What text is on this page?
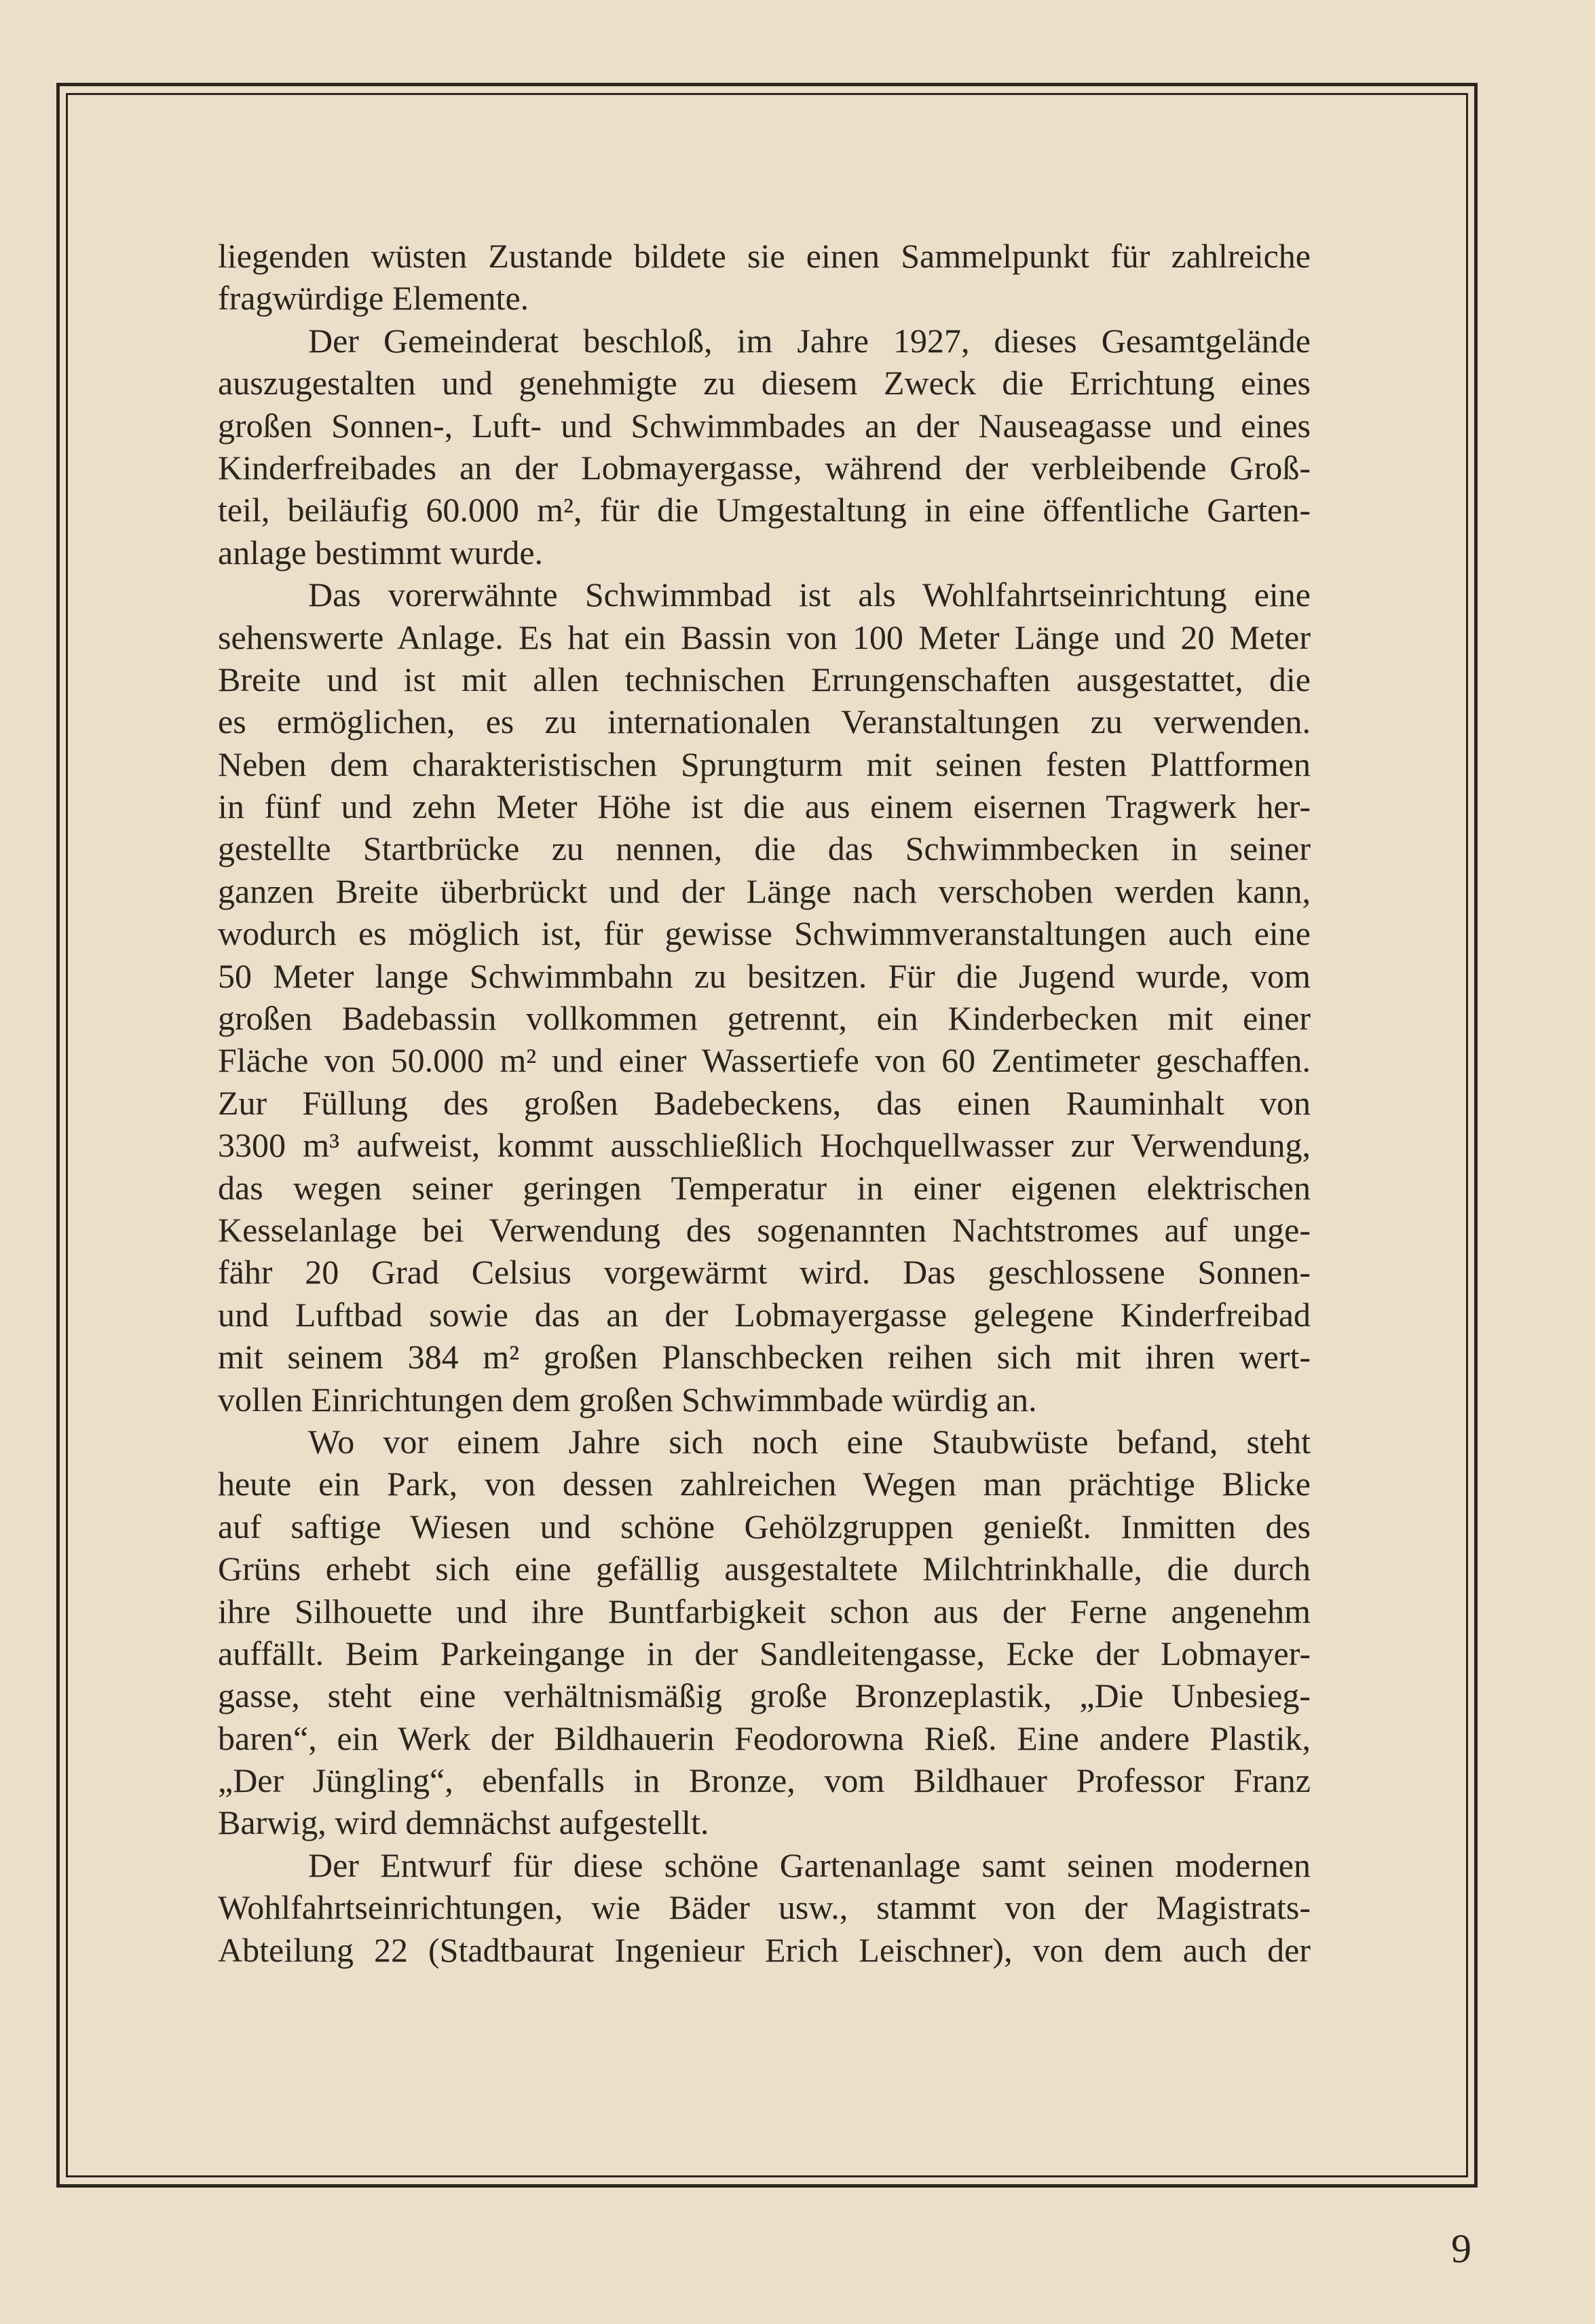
liegenden wüsten Zustande bildete sie einen Sammelpunkt für zahlreiche
fragwürdige Elemente.
Der Gemeinderat beschloß, im Jahre 1927, dieses Gesamtgelände
auszugestalten und genehmigte zu diesem Zweck die Errichtung eines
großen Sonnen-, Luft- und Schwimmbades an der Nauseagasse und eines
Kinderfreibades an der Lobmayergasse, während der verbleibende Groß-
teil, beiläufig 60.000 m², für die Umgestaltung in eine öffentliche Garten-
anlage bestimmt wurde.
Das vorerwähnte Schwimmbad ist als Wohlfahrtseinrichtung eine
sehenswerte Anlage. Es hat ein Bassin von 100 Meter Länge und 20 Meter
Breite und ist mit allen technischen Errungenschaften ausgestattet, die
es ermöglichen, es zu internationalen Veranstaltungen zu verwenden.
Neben dem charakteristischen Sprungturm mit seinen festen Plattformen
in fünf und zehn Meter Höhe ist die aus einem eisernen Tragwerk her-
gestellte Startbrücke zu nennen, die das Schwimmbecken in seiner
ganzen Breite überbrückt und der Länge nach verschoben werden kann,
wodurch es möglich ist, für gewisse Schwimmveranstaltungen auch eine
50 Meter lange Schwimmbahn zu besitzen. Für die Jugend wurde, vom
großen Badebassin vollkommen getrennt, ein Kinderbecken mit einer
Fläche von 50.000 m² und einer Wassertiefe von 60 Zentimeter geschaffen.
Zur Füllung des großen Badebeckens, das einen Rauminhalt von
3300 m³ aufweist, kommt ausschließlich Hochquellwasser zur Verwendung,
das wegen seiner geringen Temperatur in einer eigenen elektrischen
Kesselanlage bei Verwendung des sogenannten Nachtstromes auf unge-
fähr 20 Grad Celsius vorgewärmt wird. Das geschlossene Sonnen-
und Luftbad sowie das an der Lobmayergasse gelegene Kinderfreibad
mit seinem 384 m² großen Planschbecken reihen sich mit ihren wert-
vollen Einrichtungen dem großen Schwimmbade würdig an.
Wo vor einem Jahre sich noch eine Staubwüste befand, steht
heute ein Park, von dessen zahlreichen Wegen man prächtige Blicke
auf saftige Wiesen und schöne Gehölzgruppen genießt. Inmitten des
Grüns erhebt sich eine gefällig ausgestaltete Milchtrinkhalle, die durch
ihre Silhouette und ihre Buntfarbigkeit schon aus der Ferne angenehm
auffällt. Beim Parkeingange in der Sandleitengasse, Ecke der Lobmayer-
gasse, steht eine verhältnismäßig große Bronzeplastik, „Die Unbesieg-
baren“, ein Werk der Bildhauerin Feodorowna Rieß. Eine andere Plastik,
„Der Jüngling“, ebenfalls in Bronze, vom Bildhauer Professor Franz
Barwig, wird demnächst aufgestellt.
Der Entwurf für diese schöne Gartenanlage samt seinen modernen
Wohlfahrtseinrichtungen, wie Bäder usw., stammt von der Magistrats-
Abteilung 22 (Stadtbaurat Ingenieur Erich Leischner), von dem auch der
9
